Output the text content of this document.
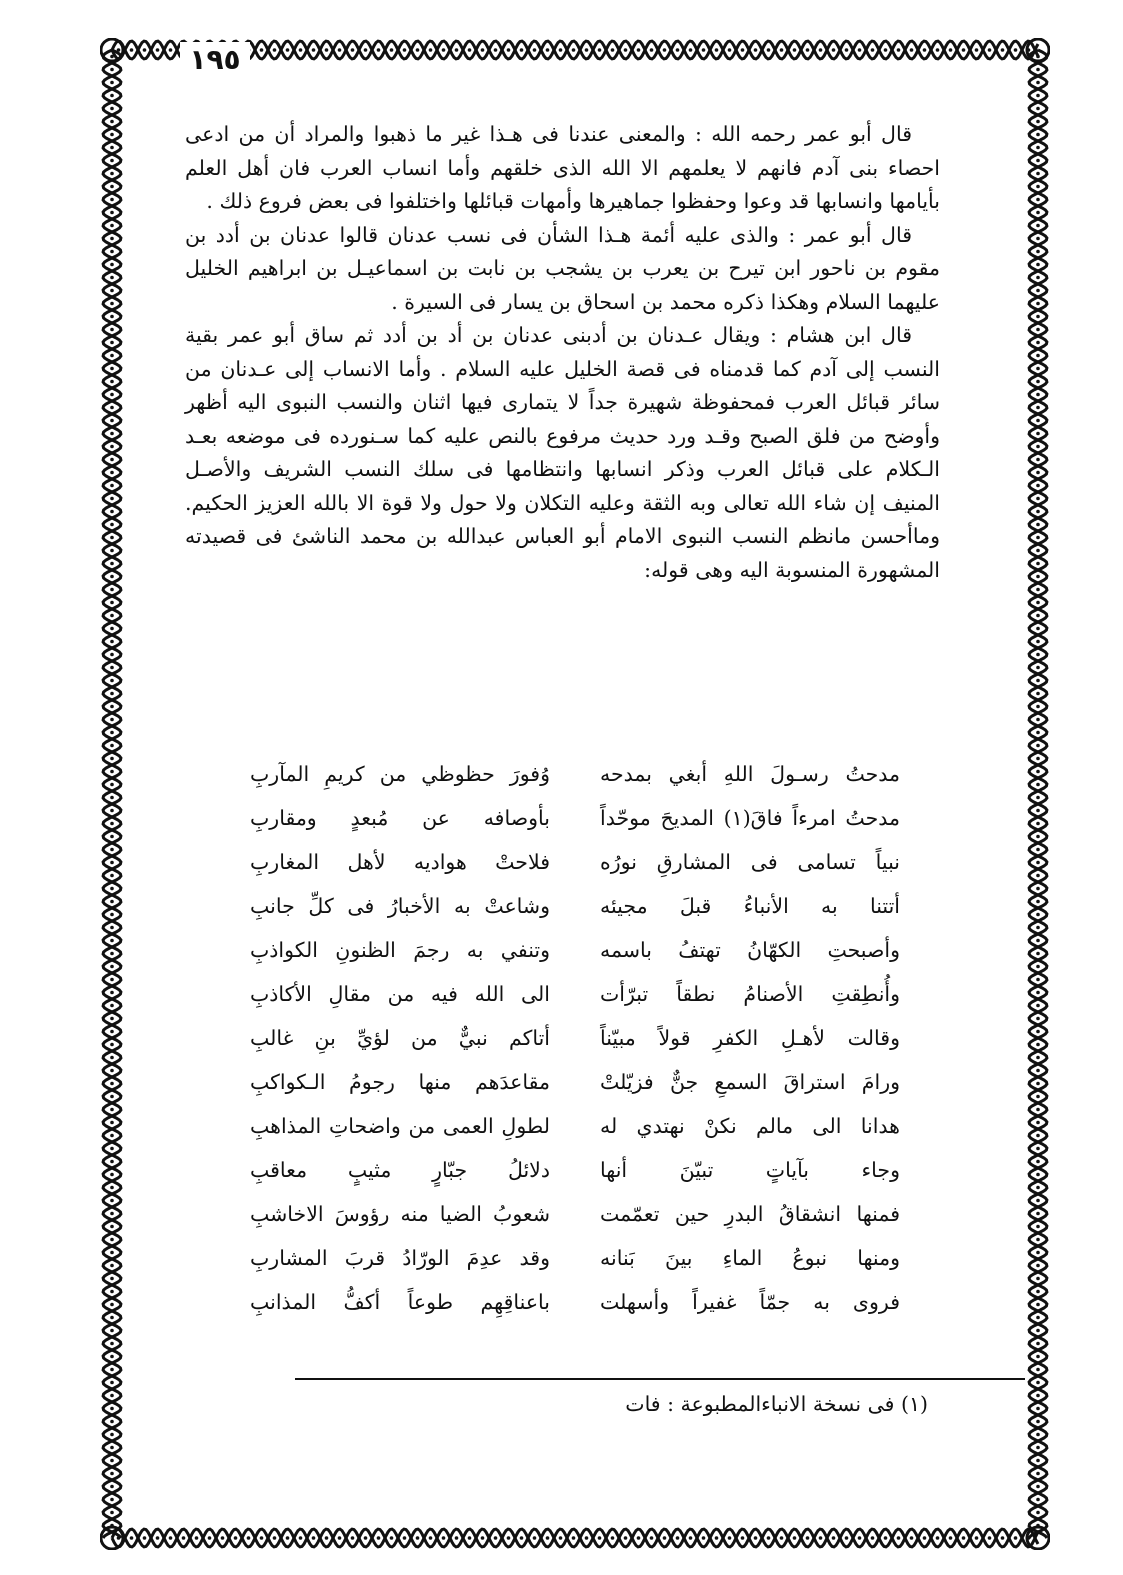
١٩٥

قال أبو عمر رحمه الله : والمعنى عندنا فى هـذا غير ما ذهبوا والمراد أن من ادعى احصاء بنى آدم فانهم لا يعلمهم الا الله الذى خلقهم وأما انساب العرب فان أهل العلم بأيامها وانسابها قد وعوا وحفظوا جماهيرها وأمهات قبائلها واختلفوا فى بعض فروع ذلك .

قال أبو عمر : والذى عليه أئمة هـذا الشأن فى نسب عدنان قالوا عدنان بن أدد بن مقوم بن ناحور ابن تيرح بن يعرب بن يشجب بن نابت بن اسماعيـل بن ابراهيم الخليل عليهما السلام وهكذا ذكره محمد بن اسحاق بن يسار فى السيرة .

قال ابن هشام : ويقال عـدنان بن أدبنى عدنان بن أد بن أدد ثم ساق أبو عمر بقية النسب إلى آدم كما قدمناه فى قصة الخليل عليه السلام . وأما الانساب إلى عـدنان من سائر قبائل العرب فمحفوظة شهيرة جداً لا يتمارى فيها اثنان والنسب النبوى اليه أظهر وأوضح من فلق الصبح وقـد ورد حديث مرفوع بالنص عليه كما سـنورده فى موضعه بعـد الـكلام على قبائل العرب وذكر انسابها وانتظامها فى سلك النسب الشريف والأصـل المنيف إن شاء الله تعالى وبه الثقة وعليه التكلان ولا حول ولا قوة الا بالله العزيز الحكيم. وماأحسن مانظم النسب النبوى الامام أبو العباس عبدالله بن محمد الناشئ فى قصيدته المشهورة المنسوبة اليه وهى قوله:

مدحتُ رسـولَ اللهِ أبغي بمدحه
وُفورَ حظوظي من كريمِ المآربِ
مدحتُ امرءاً فاقَ(١) المديحَ موحّداً
بأوصافه عن مُبعدٍ ومقاربِ
نبياً تسامى فى المشارقِ نورُه
فلاحتْ هواديه لأهل المغاربِ
أتتنا به الأنباءُ قبلَ مجيئه
وشاعتْ به الأخبارُ فى كلِّ جانبِ
وأصبحتِ الكهّانُ تهتفُ باسمه
وتنفي به رجمَ الظنونِ الكواذبِ
وأُنطِقتِ الأصنامُ نطقاً تبرّأت
الى الله فيه من مقالِ الأكاذبِ
وقالت لأهـلِ الكفرِ قولاً مبيّناً
أتاكم نبيٌّ من لؤيِّ بنِ غالبِ
ورامَ استراقَ السمعِ جنٌّ فزيّلتْ
مقاعدَهم منها رجومُ الـكواكبِ
هدانا الى مالم نكنْ نهتدي له
لطولِ العمى من واضحاتِ المذاهبِ
وجاء بآياتٍ تبيّنَ أنها
دلائلُ جبّارٍ مثيبٍ معاقبِ
فمنها انشقاقُ البدرِ حين تعمّمت
شعوبُ الضيا منه رؤوسَ الاخاشبِ
ومنها نبوعُ الماءِ بينَ بَنانه
وقد عدِمَ الورّادُ قربَ المشاربِ
فروى به جمّاً غفيراً وأسهلت
باعناقِهِم طوعاً أكفُّ المذانبِ
(١) فى نسخة الانباءالمطبوعة : فات
